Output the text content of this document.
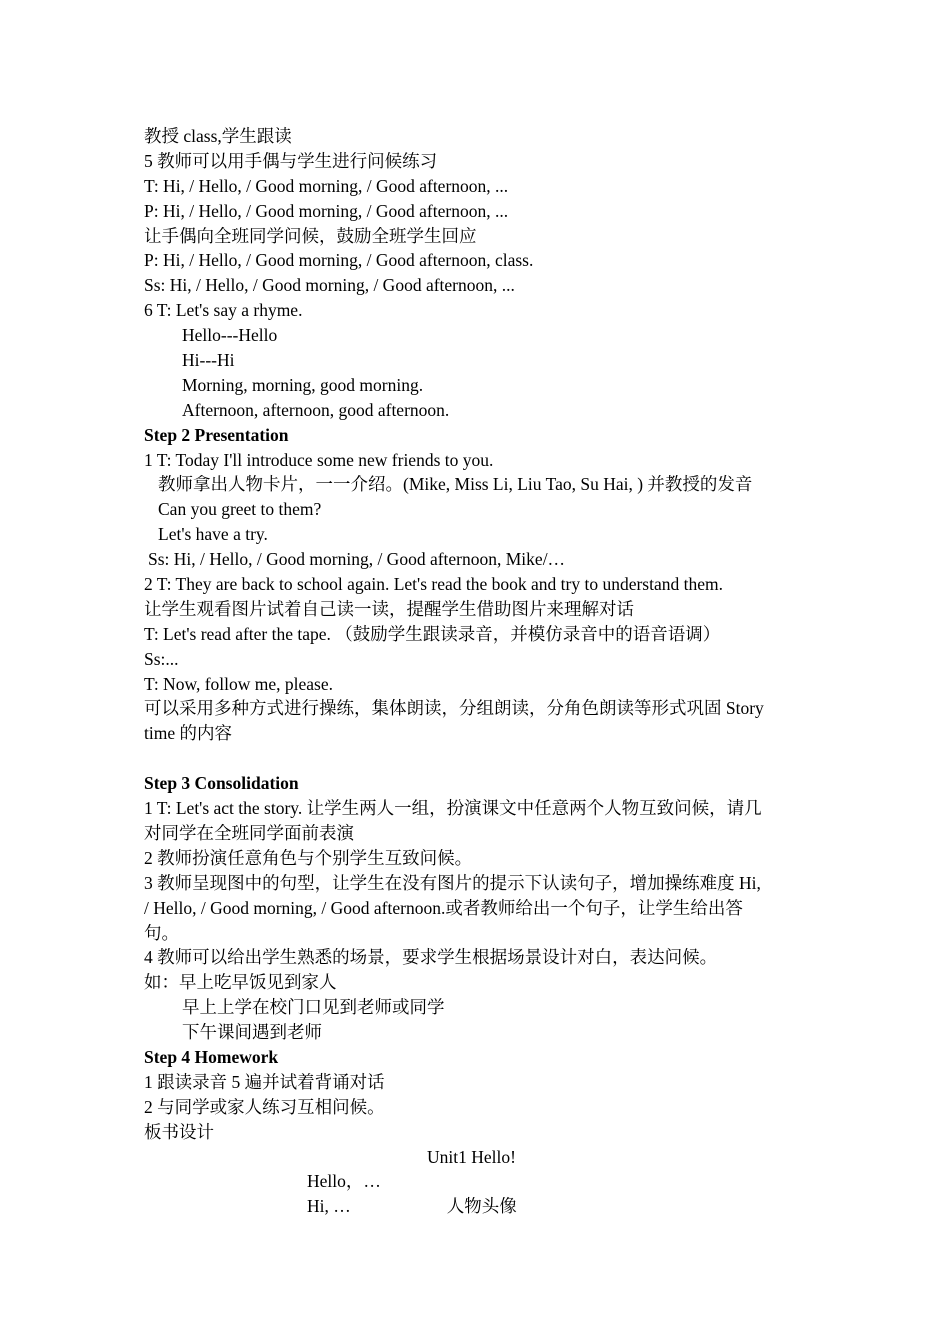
教授 class,学生跟读
5 教师可以用手偶与学生进行问候练习
T: Hi, / Hello, / Good morning, / Good afternoon, ...
P: Hi, / Hello, / Good morning, / Good afternoon, ...
让手偶向全班同学问候，鼓励全班学生回应
P: Hi, / Hello, / Good morning, / Good afternoon, class.
Ss: Hi, / Hello, / Good morning, / Good afternoon, ...
6 T: Let's say a rhyme.
Hello---Hello
Hi---Hi
Morning, morning, good morning.
Afternoon, afternoon, good afternoon.
Step 2 Presentation
1 T: Today I'll introduce some new friends to you.
教师拿出人物卡片，一一介绍。(Mike, Miss Li, Liu Tao, Su Hai, ) 并教授的发音
Can you greet to them?
Let's have a try.
Ss: Hi, / Hello, / Good morning, / Good afternoon, Mike/…
2 T: They are back to school again. Let's read the book and try to understand them.
让学生观看图片试着自己读一读，提醒学生借助图片来理解对话
T: Let's read after the tape. （鼓励学生跟读录音，并模仿录音中的语音语调）
Ss:...
T: Now, follow me, please.
可以采用多种方式进行操练，集体朗读，分组朗读，分角色朗读等形式巩固 Story
time 的内容
Step 3 Consolidation
1 T: Let's act the story. 让学生两人一组，扮演课文中任意两个人物互致问候，请几
对同学在全班同学面前表演
2 教师扮演任意角色与个别学生互致问候。
3 教师呈现图中的句型，让学生在没有图片的提示下认读句子，增加操练难度 Hi,
/ Hello, / Good morning, / Good afternoon.或者教师给出一个句子，让学生给出答
句。
4 教师可以给出学生熟悉的场景，要求学生根据场景设计对白，表达问候。
如：早上吃早饭见到家人
早上上学在校门口见到老师或同学
下午课间遇到老师
Step 4 Homework
1 跟读录音 5 遍并试着背诵对话
2 与同学或家人练习互相问候。
板书设计
Unit1 Hello!
Hello，…
Hi, …	人物头像
